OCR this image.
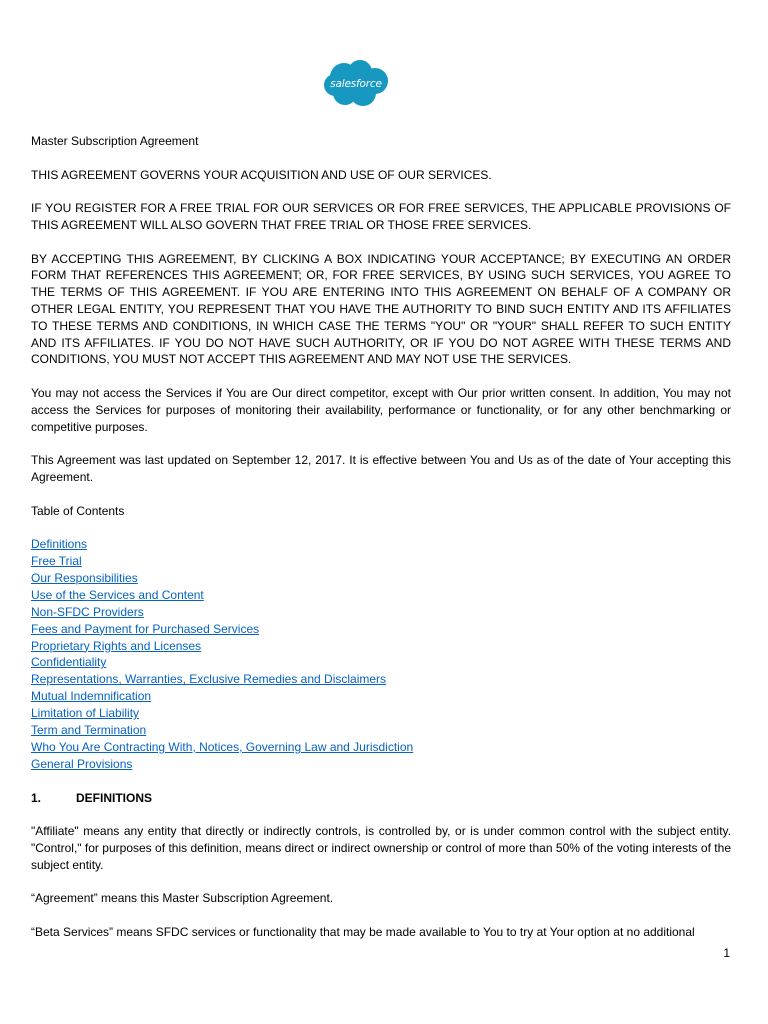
salesforce

Master Subscription Agreement

THIS AGREEMENT GOVERNS YOUR ACQUISITION AND USE OF OUR SERVICES.

IF YOU REGISTER FOR A FREE TRIAL FOR OUR SERVICES OR FOR FREE SERVICES, THE APPLICABLE PROVISIONS OF THIS AGREEMENT WILL ALSO GOVERN THAT FREE TRIAL OR THOSE FREE SERVICES.

BY ACCEPTING THIS AGREEMENT, BY CLICKING A BOX INDICATING YOUR ACCEPTANCE; BY EXECUTING AN ORDER FORM THAT REFERENCES THIS AGREEMENT; OR, FOR FREE SERVICES, BY USING SUCH SERVICES, YOU AGREE TO THE TERMS OF THIS AGREEMENT. IF YOU ARE ENTERING INTO THIS AGREEMENT ON BEHALF OF A COMPANY OR OTHER LEGAL ENTITY, YOU REPRESENT THAT YOU HAVE THE AUTHORITY TO BIND SUCH ENTITY AND ITS AFFILIATES TO THESE TERMS AND CONDITIONS, IN WHICH CASE THE TERMS "YOU" OR "YOUR" SHALL REFER TO SUCH ENTITY AND ITS AFFILIATES. IF YOU DO NOT HAVE SUCH AUTHORITY, OR IF YOU DO NOT AGREE WITH THESE TERMS AND CONDITIONS, YOU MUST NOT ACCEPT THIS AGREEMENT AND MAY NOT USE THE SERVICES.

You may not access the Services if You are Our direct competitor, except with Our prior written consent. In addition, You may not access the Services for purposes of monitoring their availability, performance or functionality, or for any other benchmarking or competitive purposes.

This Agreement was last updated on September 12, 2017. It is effective between You and Us as of the date of Your accepting this Agreement.

Table of Contents

Definitions
Free Trial
Our Responsibilities
Use of the Services and Content
Non-SFDC Providers
Fees and Payment for Purchased Services
Proprietary Rights and Licenses
Confidentiality
Representations, Warranties, Exclusive Remedies and Disclaimers
Mutual Indemnification
Limitation of Liability
Term and Termination
Who You Are Contracting With, Notices, Governing Law and Jurisdiction
General Provisions

1.	DEFINITIONS

"Affiliate" means any entity that directly or indirectly controls, is controlled by, or is under common control with the subject entity. "Control," for purposes of this definition, means direct or indirect ownership or control of more than 50% of the voting interests of the subject entity.

“Agreement” means this Master Subscription Agreement.

“Beta Services” means SFDC services or functionality that may be made available to You to try at Your option at no additional

1
